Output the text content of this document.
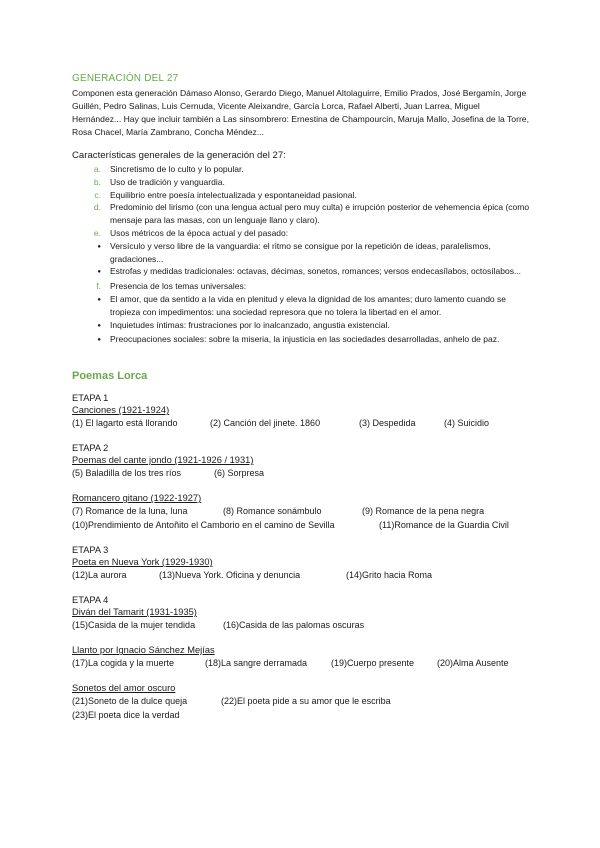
GENERACIÓN DEL 27

Componen esta generación Dámaso Alonso, Gerardo Diego, Manuel Altolaguirre, Emilio Prados, José Bergamín, Jorge Guillén, Pedro Salinas, Luis Cernuda, Vicente Aleixandre, García Lorca, Rafael Alberti, Juan Larrea, Miguel Hernández... Hay que incluir también a Las sinsombrero: Ernestina de Champourcin, Maruja Mallo, Josefina de la Torre, Rosa Chacel, María Zambrano, Concha Méndez...

Características generales de la generación del 27:

a.	Sincretismo de lo culto y lo popular.
b.	Uso de tradición y vanguardia.
c.	Equilibrio entre poesía intelectualizada y espontaneidad pasional.
d.	Predominio del lirismo (con una lengua actual pero muy culta) e irrupción posterior de vehemencia épica (como mensaje para las masas, con un lenguaje llano y claro).
e.	Usos métricos de la época actual y del pasado:
●
Versículo y verso libre de la vanguardia: el ritmo se consigue por la repetición de ideas, paralelismos, gradaciones...
●
Estrofas y medidas tradicionales: octavas, décimas, sonetos, romances; versos endecasílabos, octosílabos...
f.	Presencia de los temas universales:
●
El amor, que da sentido a la vida en plenitud y eleva la dignidad de los amantes; duro lamento cuando se tropieza con impedimentos: una sociedad represora que no tolera la libertad en el amor.
●
Inquietudes íntimas: frustraciones por lo inalcanzado, angustia existencial.
●
Preocupaciones sociales: sobre la miseria, la injusticia en las sociedades desarrolladas, anhelo de paz.
Poemas Lorca

ETAPA 1

Canciones (1921-1924)

(1) El lagarto está llorando	(2) Canción del jinete. 1860	(3) Despedida	(4) Suicidio

ETAPA 2

Poemas del cante jondo (1921-1926 / 1931)

(5) Baladilla de los tres ríos	(6) Sorpresa

Romancero gitano (1922-1927)

(7) Romance de la luna, luna	(8) Romance sonámbulo	(9) Romance de la pena negra
(10)Prendimiento de Antoñito el Camborio en el camino de Sevilla	(11)Romance de la Guardia Civil

ETAPA 3

Poeta en Nueva York (1929-1930)

(12)La aurora	(13)Nueva York. Oficina y denuncia	(14)Grito hacia Roma

ETAPA 4

Diván del Tamarit (1931-1935)

(15)Casida de la mujer tendida	(16)Casida de las palomas oscuras

Llanto por Ignacio Sánchez Mejías

(17)La cogida y la muerte	(18)La sangre derramada	(19)Cuerpo presente	(20)Alma Ausente

Sonetos del amor oscuro

(21)Soneto de la dulce queja	(22)El poeta pide a su amor que le escriba
(23)El poeta dice la verdad
